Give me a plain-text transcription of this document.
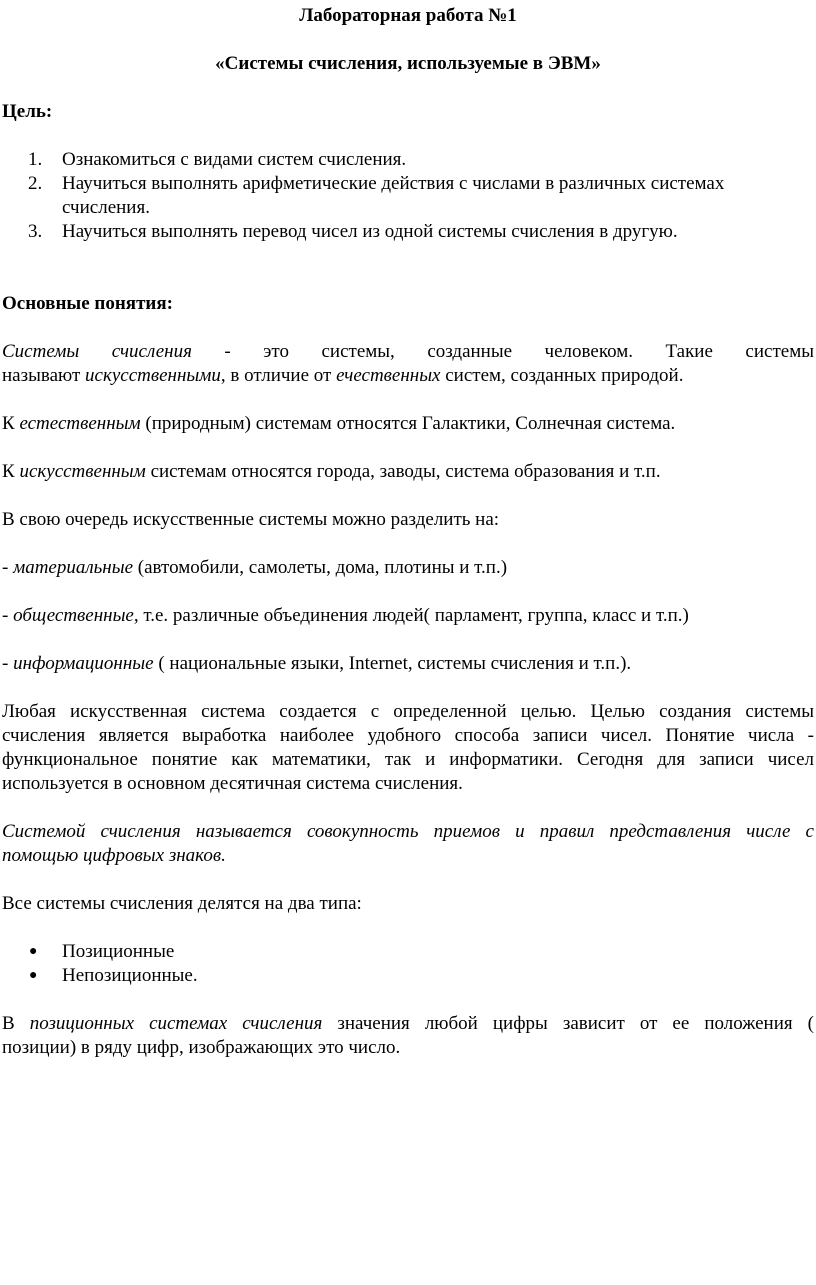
Лабораторная работа №1
«Системы счисления, используемые в ЭВМ»
Цель:
1. Ознакомиться с видами систем счисления.
2. Научиться выполнять арифметические действия с числами в различных системах
счисления.
3. Научиться выполнять перевод чисел из одной системы счисления в другую.
Основные понятия:
Системы счисления - это системы, созданные человеком. Такие системы
называют искусственными, в отличие от ечественных систем, созданных природой.
К естественным (природным) системам относятся Галактики, Солнечная система.
К искусственным системам относятся города, заводы, система образования и т.п.
В свою очередь искусственные системы можно разделить на:
- материальные (автомобили, самолеты, дома, плотины и т.п.)
- общественные, т.е. различные объединения людей( парламент, группа, класс и т.п.)
- информационные ( национальные языки, Internet, системы счисления и т.п.).
Любая искусственная система создается с определенной целью. Целью создания системы
счисления является выработка наиболее удобного способа записи чисел. Понятие числа -
функциональное понятие как математики, так и информатики. Сегодня для записи чисел
используется в основном десятичная система счисления.
Системой счисления называется совокупность приемов и правил представления числе с
помощью цифровых знаков.
Все системы счисления делятся на два типа:
● Позиционные
● Непозиционные.
В позиционных системах счисления значения любой цифры зависит от ее положения (
позиции) в ряду цифр, изображающих это число.
